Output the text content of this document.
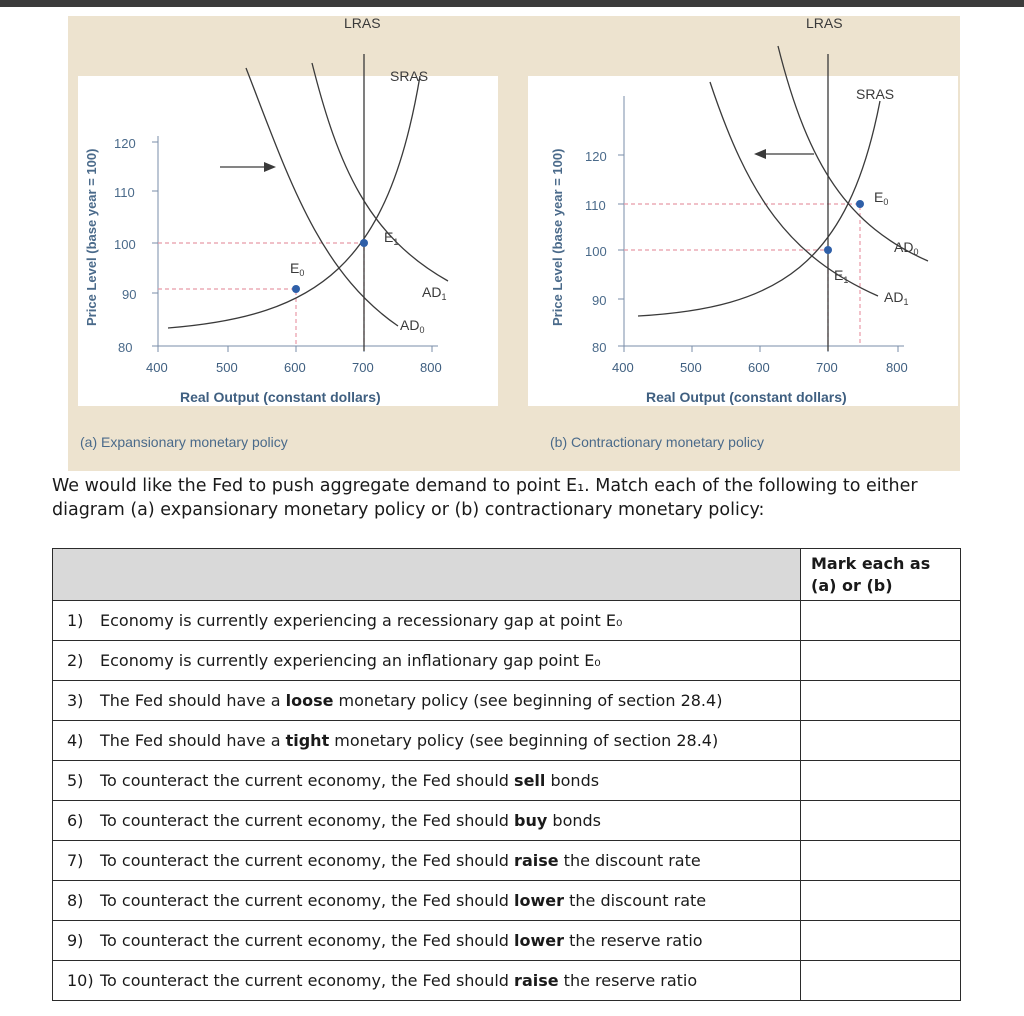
80
90
100
110
120
400	500	600	700	800
Real Output (constant dollars)
Price Level (base year = 100)
LRAS
SRAS
$AD_1$
$AD_0$
$E_0$
$E_1$
80
90
100
110
120
400	500	600	700	800
Real Output (constant dollars)
Price Level (base year = 100)
LRAS
SRAS
$AD_0$
$AD_1$
$E_0$
$E_1$
(a) Expansionary monetary policy	(b) Contractionary monetary policy
We would like the Fed to push aggregate demand to point E₁. Match each of the following to either
diagram (a) expansionary monetary policy or (b) contractionary monetary policy:

	Mark each as
(a) or (b)

1) Economy is currently experiencing a recessionary gap at point E₀	
2) Economy is currently experiencing an inflationary gap point E₀	
3) The Fed should have a loose monetary policy (see beginning of section 28.4)	
4) The Fed should have a tight monetary policy (see beginning of section 28.4)	
5) To counteract the current economy, the Fed should sell bonds	
6) To counteract the current economy, the Fed should buy bonds	
7) To counteract the current economy, the Fed should raise the discount rate	
8) To counteract the current economy, the Fed should lower the discount rate	
9) To counteract the current economy, the Fed should lower the reserve ratio	
10) To counteract the current economy, the Fed should raise the reserve ratio	
